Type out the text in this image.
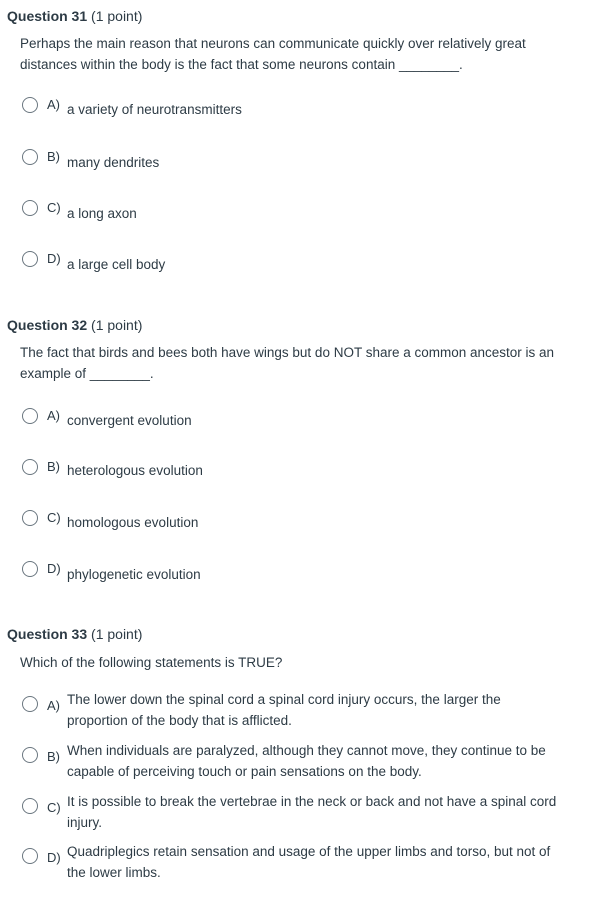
Question 31 (1 point)
Perhaps the main reason that neurons can communicate quickly over relatively great distances within the body is the fact that some neurons contain ________.
A) a variety of neurotransmitters
B) many dendrites
C) a long axon
D) a large cell body
Question 32 (1 point)
The fact that birds and bees both have wings but do NOT share a common ancestor is an example of ________.
A) convergent evolution
B) heterologous evolution
C) homologous evolution
D) phylogenetic evolution
Question 33 (1 point)
Which of the following statements is TRUE?
A) The lower down the spinal cord a spinal cord injury occurs, the larger the proportion of the body that is afflicted.
B) When individuals are paralyzed, although they cannot move, they continue to be capable of perceiving touch or pain sensations on the body.
C) It is possible to break the vertebrae in the neck or back and not have a spinal cord injury.
D) Quadriplegics retain sensation and usage of the upper limbs and torso, but not of the lower limbs.
